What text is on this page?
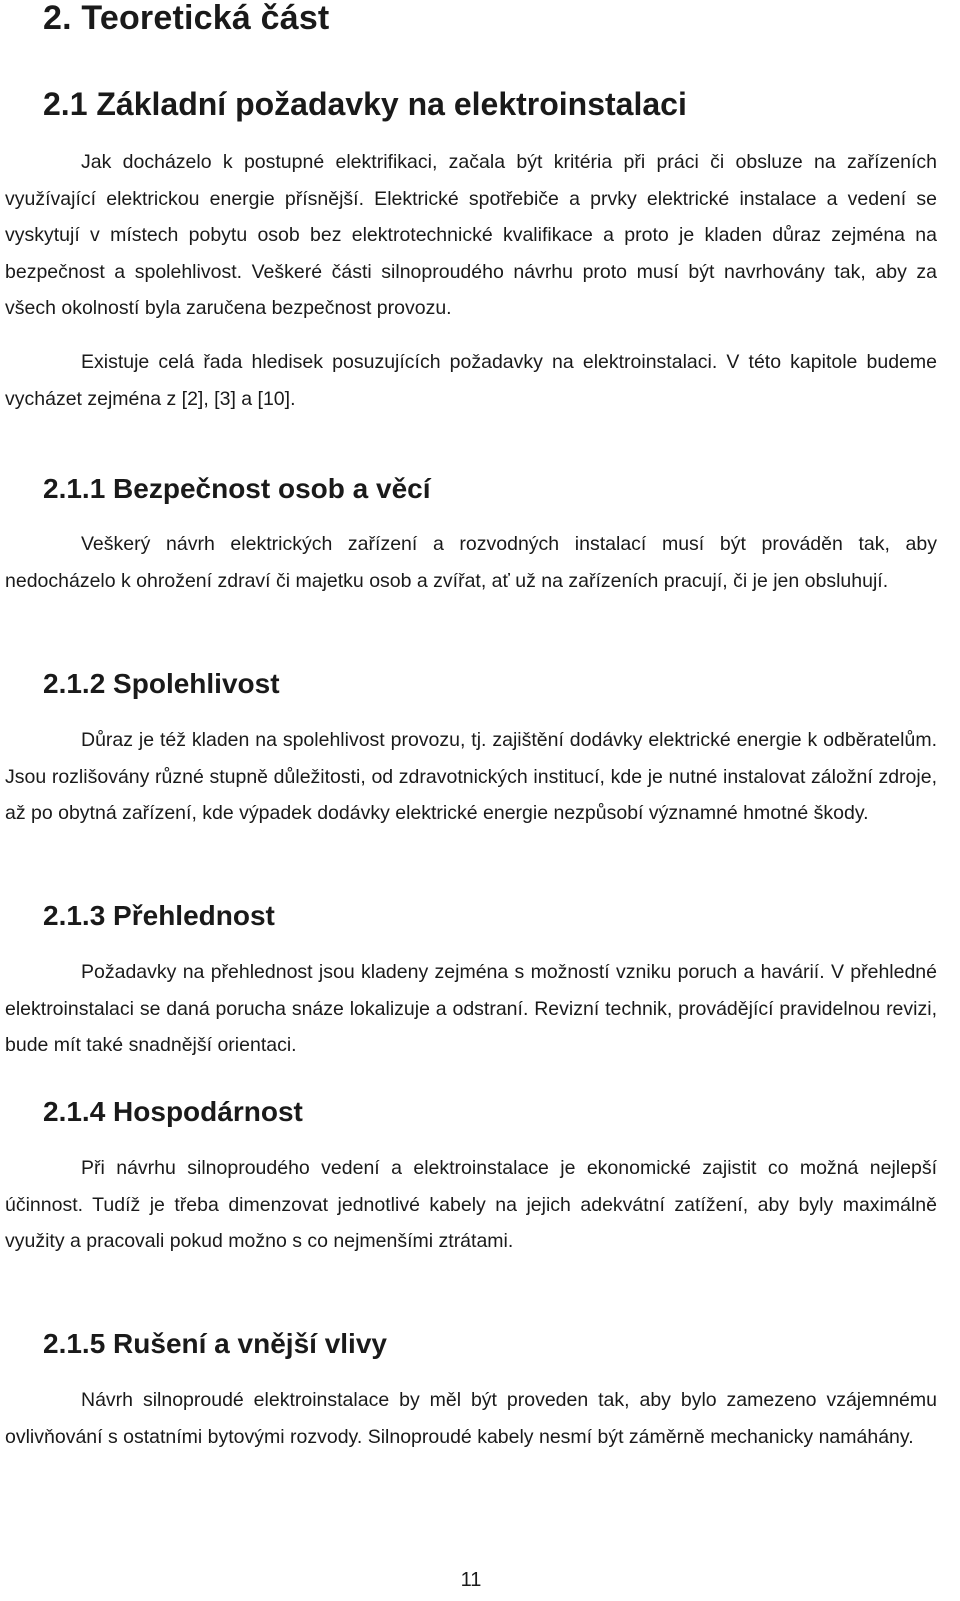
2. Teoretická část
2.1 Základní požadavky na elektroinstalaci

Jak docházelo k postupné elektrifikaci, začala být kritéria při práci či obsluze na zařízeních využívající elektrickou energie přísnější. Elektrické spotřebiče a prvky elektrické instalace a vedení se vyskytují v místech pobytu osob bez elektrotechnické kvalifikace a proto je kladen důraz zejména na bezpečnost a spolehlivost. Veškeré části silnoproudého návrhu proto musí být navrhovány tak, aby za všech okolností byla zaručena bezpečnost provozu.

Existuje celá řada hledisek posuzujících požadavky na elektroinstalaci. V této kapitole budeme vycházet zejména z [2], [3] a [10].

2.1.1 Bezpečnost osob a věcí

Veškerý návrh elektrických zařízení a rozvodných instalací musí být prováděn tak, aby nedocházelo k ohrožení zdraví či majetku osob a zvířat, ať už na zařízeních pracují, či je jen obsluhují.

2.1.2 Spolehlivost

Důraz je též kladen na spolehlivost provozu, tj. zajištění dodávky elektrické energie k odběratelům. Jsou rozlišovány různé stupně důležitosti, od zdravotnických institucí, kde je nutné instalovat záložní zdroje, až po obytná zařízení, kde výpadek dodávky elektrické energie nezpůsobí významné hmotné škody.

2.1.3 Přehlednost

Požadavky na přehlednost jsou kladeny zejména s možností vzniku poruch a havárií. V přehledné elektroinstalaci se daná porucha snáze lokalizuje a odstraní. Revizní technik, provádějící pravidelnou revizi, bude mít také snadnější orientaci.

2.1.4 Hospodárnost

Při návrhu silnoproudého vedení a elektroinstalace je ekonomické zajistit co možná nejlepší účinnost. Tudíž je třeba dimenzovat jednotlivé kabely na jejich adekvátní zatížení, aby byly maximálně využity a pracovali pokud možno s co nejmenšími ztrátami.

2.1.5 Rušení a vnější vlivy

Návrh silnoproudé elektroinstalace by měl být proveden tak, aby bylo zamezeno vzájemnému ovlivňování s ostatními bytovými rozvody. Silnoproudé kabely nesmí být záměrně mechanicky namáhány.

11
